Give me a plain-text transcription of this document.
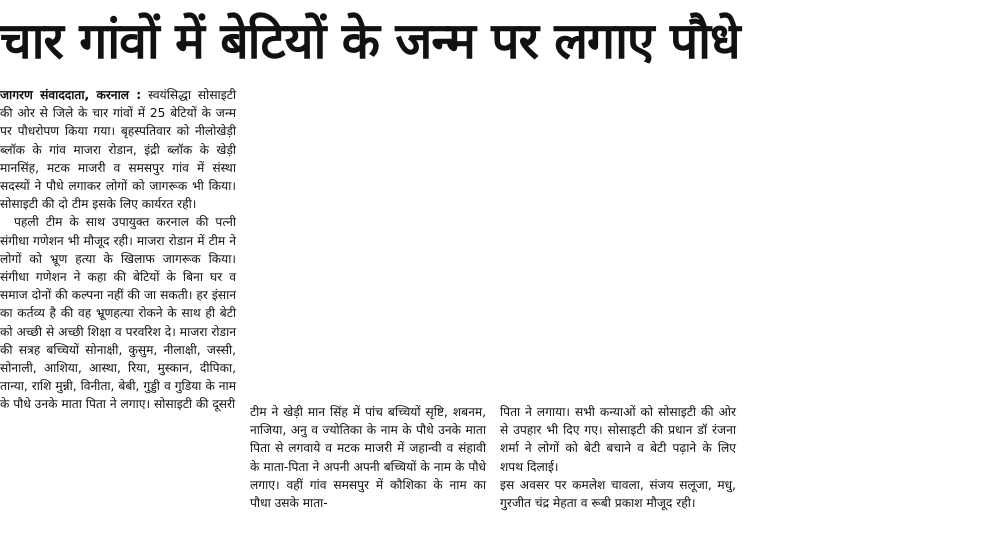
चार गांवों में बेटियों के जन्म पर लगाए पौधे

जागरण संवाददाता, करनाल : स्वयंसिद्धा सोसाइटी की ओर से जिले के चार गांवों में 25 बेटियों के जन्म पर पौधरोपण किया गया। बृहस्पतिवार को नीलोखेड़ी ब्लॉक के गांव माजरा रोडान, इंद्री ब्लॉक के खेड़ी मानसिंह, मटक माजरी व समसपुर गांव में संस्था सदस्यों ने पौधे लगाकर लोगों को जागरूक भी किया। सोसाइटी की दो टीम इसके लिए कार्यरत रही।

पहली टीम के साथ उपायुक्त करनाल की पत्नी संगीधा गणेशन भी मौजूद रही। माजरा रोडान में टीम ने लोगों को भ्रूण हत्या के खिलाफ जागरूक किया। संगीधा गणेशन ने कहा की बेटियों के बिना घर व समाज दोनों की कल्पना नहीं की जा सकती। हर इंसान का कर्तव्य है की वह भ्रूणहत्या रोकने के साथ ही बेटी को अच्छी से अच्छी शिक्षा व परवरिश दे। माजरा रोडान की सत्रह बच्चियों सोनाक्षी, कुसुम, नीलाक्षी, जस्सी, सोनाली, आशिया, आस्था, रिया, मुस्कान, दीपिका, तान्या, राशि मुन्नी, विनीता, बेबी, गुड्डी व गुडिया के नाम के पौधे उनके माता पिता ने लगाए। सोसाइटी की दूसरी

टीम ने खेड़ी मान सिंह में पांच बच्चियों सृष्टि, शबनम, नाजिया, अनु व ज्योतिका के नाम के पौधे उनके माता पिता से लगवाये व मटक माजरी में जहान्वी व संहावी के माता-पिता ने अपनी अपनी बच्चियों के नाम के पौधे लगाए। वहीं गांव समसपुर में कौशिका के नाम का पौधा उसके माता-

पिता ने लगाया। सभी कन्याओं को सोसाइटी की ओर से उपहार भी दिए गए। सोसाइटी की प्रधान डॉ रंजना शर्मा ने लोगों को बेटी बचाने व बेटी पढ़ाने के लिए शपथ दिलाई।

इस अवसर पर कमलेश चावला, संजय सलूजा, मधु, गुरजीत चंद्र मेहता व रूबी प्रकाश मौजूद रही।
